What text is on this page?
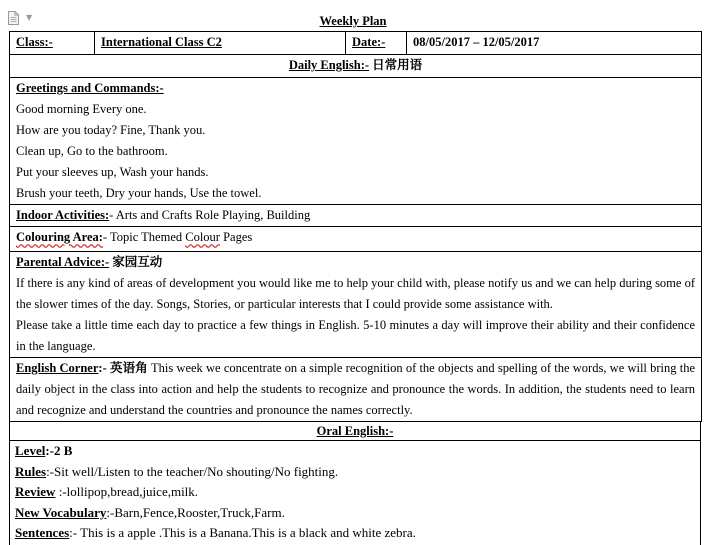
▼	Weekly Plan
Class:-	International Class C2	Date:-	08/05/2017 – 12/05/2017
Daily English:- 日常用语

Greetings and Commands:-
Good morning Every one.
How are you today? Fine, Thank you.
Clean up, Go to the bathroom.
Put your sleeves up, Wash your hands.
Brush your teeth, Dry your hands, Use the towel.

Indoor Activities:- Arts and Crafts Role Playing, Building

Colouring Area:- Topic Themed Colour Pages

Parental Advice:- 家园互动
If there is any kind of areas of development you would like me to help your child with, please notify us and we can help during some of the slower times of the day. Songs, Stories, or particular interests that I could provide some assistance with.
Please take a little time each day to practice a few things in English. 5-10 minutes a day will improve their ability and their confidence in the language.

English Corner:- 英语角 This week we concentrate on a simple recognition of the objects and spelling of the words, we will bring the daily object in the class into action and help the students to recognize and pronounce the words. In addition, the students need to learn and recognize and understand the countries and pronounce the names correctly.
Oral English:-
Level:-2 B
Rules:-Sit well/Listen to the teacher/No shouting/No fighting.
Review :-lollipop,bread,juice,milk.
New Vocabulary:-Barn,Fence,Rooster,Truck,Farm.
Sentences:- This is a apple .This is a Banana.This is a black and white zebra.
